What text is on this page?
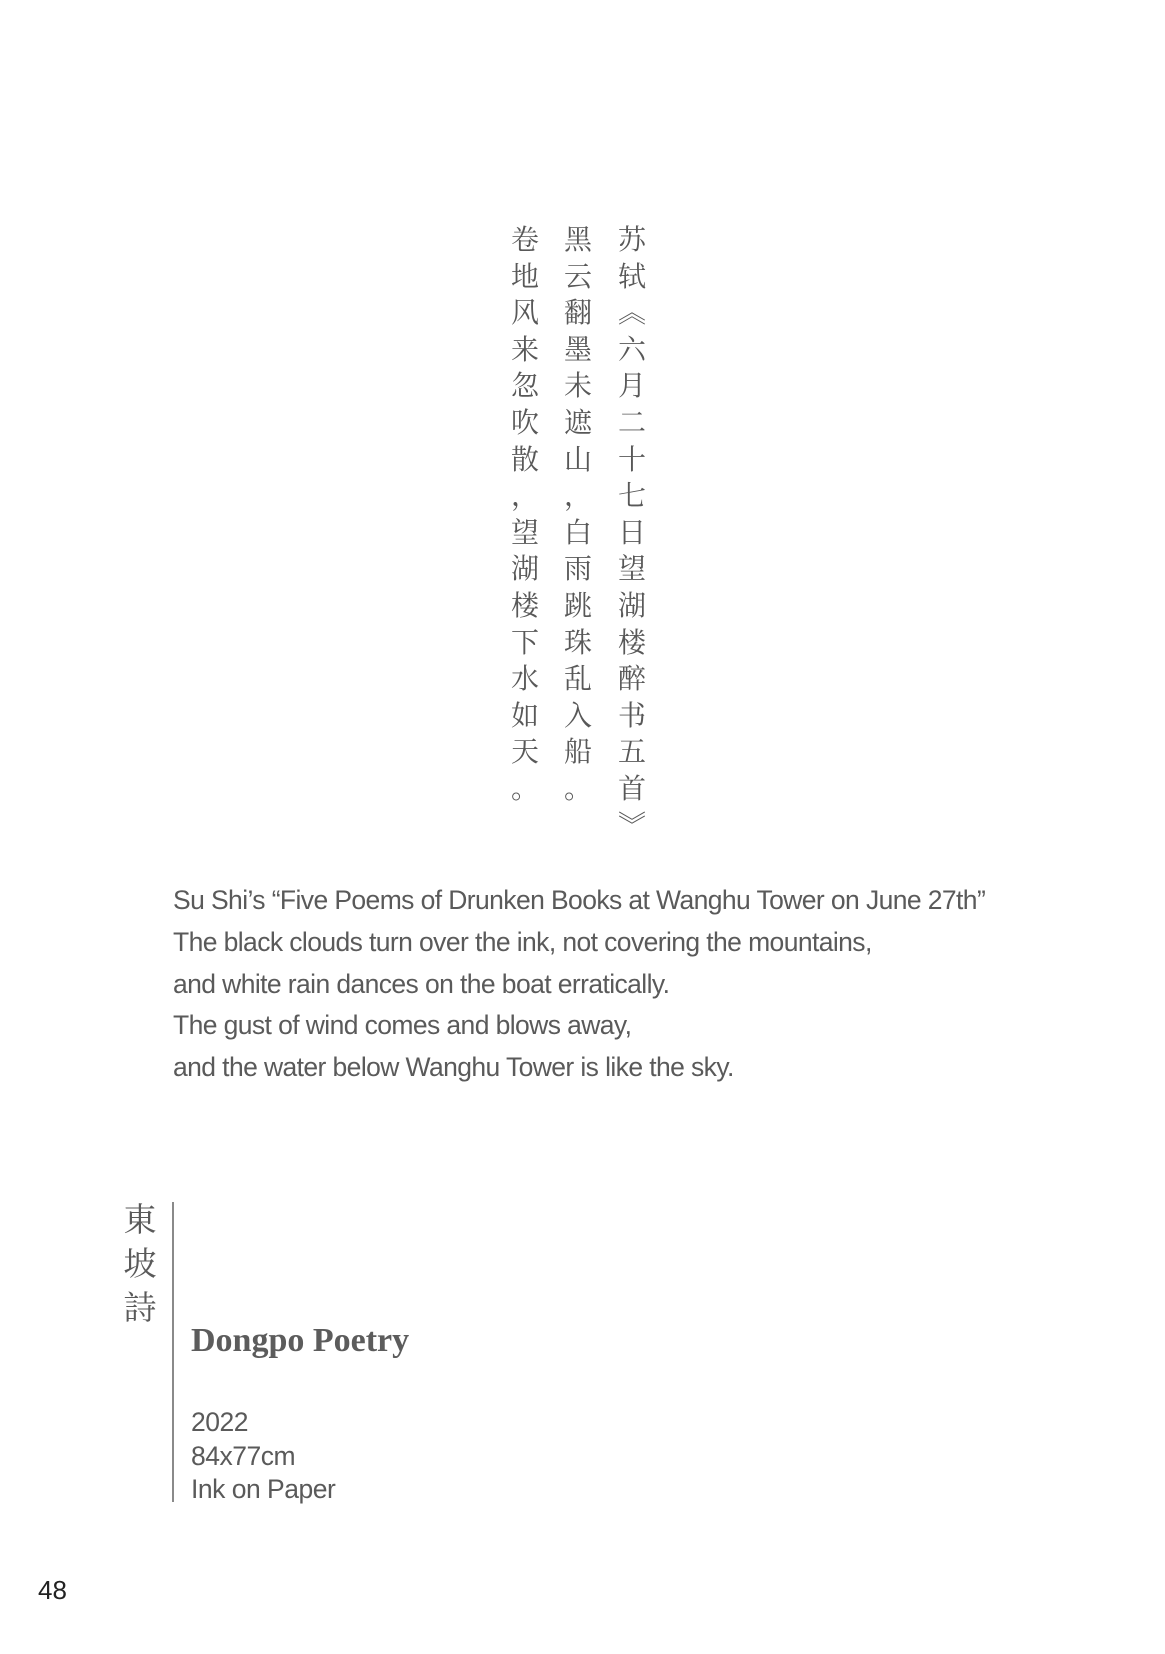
苏
轼
︽
六
月
二
十
七
日
望
湖
楼
醉
书
五
首
︾
黑
云
翻
墨
未
遮
山
，
白
雨
跳
珠
乱
入
船
。
卷
地
风
来
忽
吹
散
，
望
湖
楼
下
水
如
天
。
Su Shi’s “Five Poems of Drunken Books at Wanghu Tower on June 27th”
The black clouds turn over the ink, not covering the mountains,
and white rain dances on the boat erratically.
The gust of wind comes and blows away,
and the water below Wanghu Tower is like the sky.
東
坡
詩
Dongpo Poetry
2022
84x77cm
Ink on Paper
48
